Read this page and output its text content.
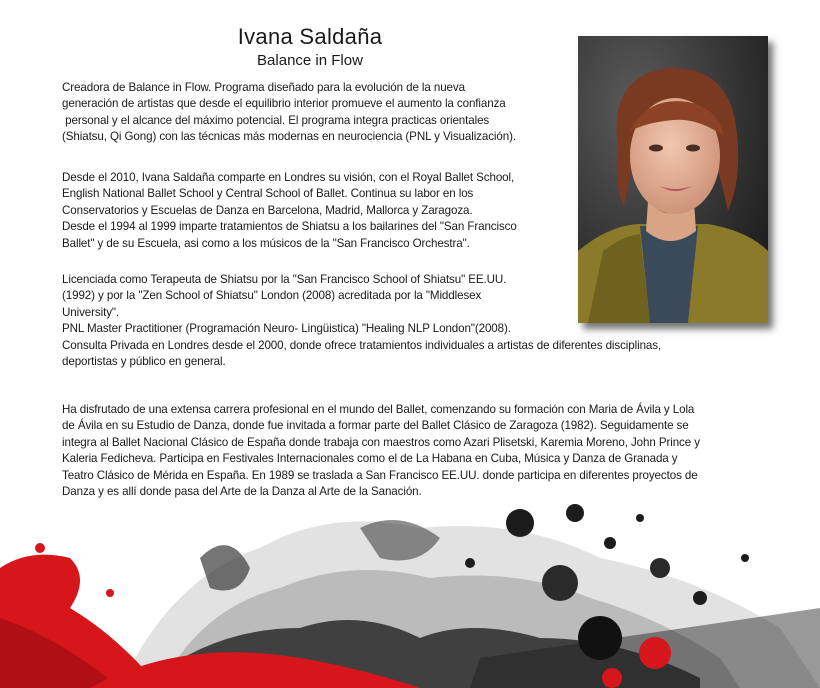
Ivana Saldaña
Balance in Flow

Creadora de Balance in Flow. Programa diseñado para la evolución de la nueva

generación de artistas que desde el equilibrio interior promueve el aumento la confianza

personal y el alcance del máximo potencial. El programa integra practicas orientales

(Shiatsu, Qi Gong) con las técnicas más modernas en neurociencia (PNL y Visualización).

Desde el 2010, Ivana Saldaña comparte en Londres su visión, con el Royal Ballet School,

English National Ballet School y Central School of Ballet. Continua su labor en los

Conservatorios y Escuelas de Danza en Barcelona, Madrid, Mallorca y Zaragoza.

Desde el 1994 al 1999 imparte tratamientos de Shiatsu a los bailarines del "San Francisco

Ballet" y de su Escuela, asi como a los músicos de la "San Francisco Orchestra".

Licenciada como Terapeuta de Shiatsu por la "San Francisco School of Shiatsu" EE.UU.

(1992) y por la "Zen School of Shiatsu" London (2008) acreditada por la "Middlesex

University".

PNL Master Practitioner (Programación Neuro- Lingüistica) "Healing NLP London"(2008).

Consulta Privada en Londres desde el 2000, donde ofrece tratamientos individuales a artistas de diferentes disciplinas,

deportistas y público en general.

Ha disfrutado de una extensa carrera profesional en el mundo del Ballet, comenzando su formación con Maria de Ávila y Lola

de Ávila en su Estudio de Danza, donde fue invitada a formar parte del Ballet Clásico de Zaragoza (1982). Seguidamente se

integra al Ballet Nacional Clásico de España donde trabaja con maestros como Azari Plisetski, Karemia Moreno, John Prince y

Kaleria Fedicheva. Participa en Festivales Internacionales como el de La Habana en Cuba, Música y Danza de Granada y

Teatro Clásico de Mérida en España. En 1989 se traslada a San Francisco EE.UU. donde participa en diferentes proyectos de

Danza y es allí donde pasa del Arte de la Danza al Arte de la Sanación.
